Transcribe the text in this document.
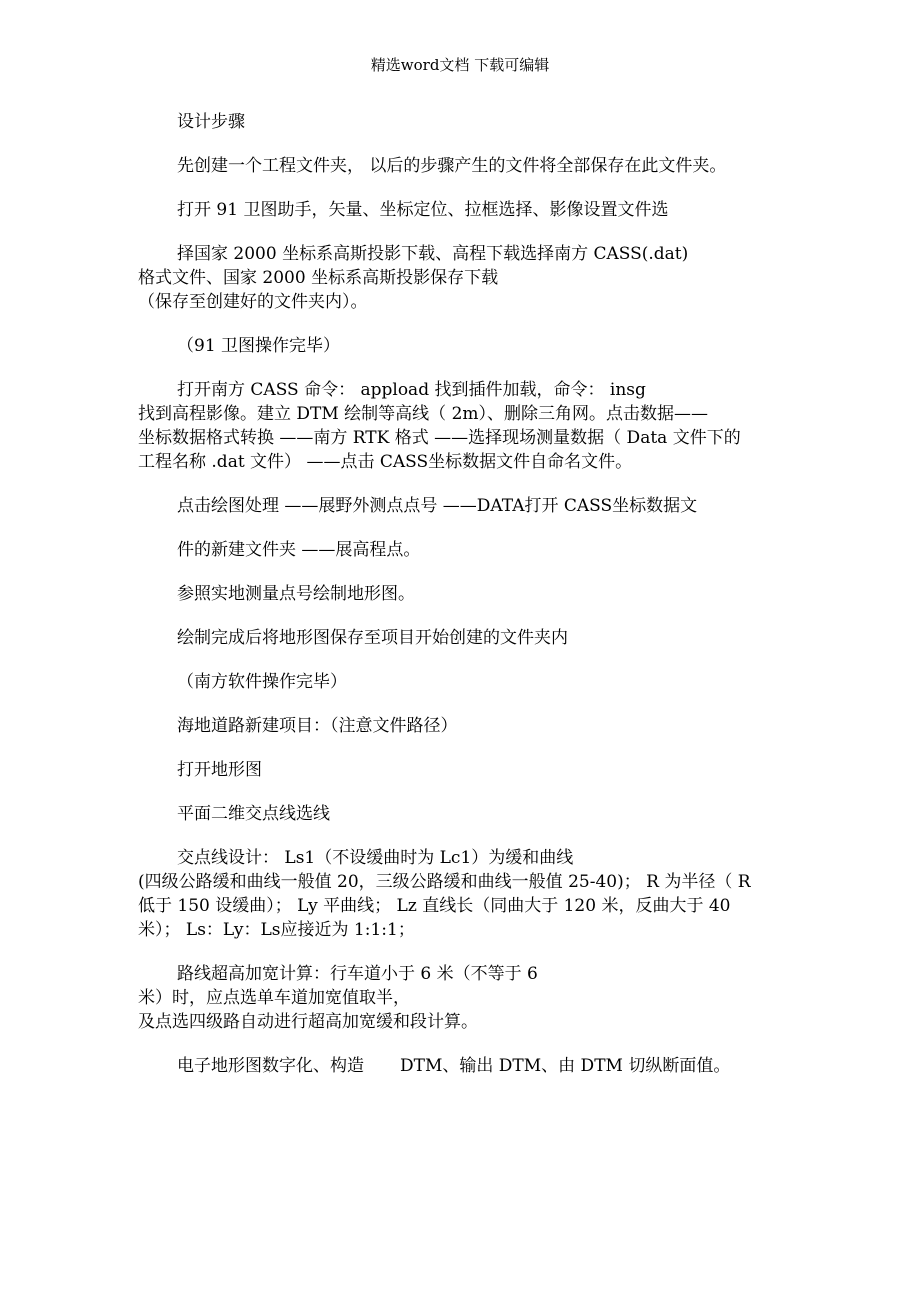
精选word文档 下载可编辑
设计步骤
先创建一个工程文件夹， 以后的步骤产生的文件将全部保存在此文件夹。
打开 91 卫图助手，矢量、坐标定位、拉框选择、影像设置文件选
择国家 2000 坐标系高斯投影下载、高程下载选择南方 CASS(.dat)
格式文件、国家 2000 坐标系高斯投影保存下载
（保存至创建好的文件夹内）。
（91 卫图操作完毕）
打开南方 CASS 命令： appload 找到插件加载，命令： insg
找到高程影像。建立 DTM 绘制等高线（ 2m）、删除三角网。点击数据——
坐标数据格式转换 ——南方 RTK 格式 ——选择现场测量数据（ Data 文件下的
工程名称 .dat 文件） ——点击 CASS坐标数据文件自命名文件。
点击绘图处理 ——展野外测点点号 ——DATA打开 CASS坐标数据文
件的新建文件夹 ——展高程点。
参照实地测量点号绘制地形图。
绘制完成后将地形图保存至项目开始创建的文件夹内
（南方软件操作完毕）
海地道路新建项目：（注意文件路径）
打开地形图
平面二维交点线选线
交点线设计： Ls1（不设缓曲时为 Lc1）为缓和曲线
(四级公路缓和曲线一般值 20，三级公路缓和曲线一般值 25-40)； R 为半径（ R
低于 150 设缓曲）； Ly 平曲线； Lz 直线长（同曲大于 120 米，反曲大于 40
米）； Ls：Ly：Ls应接近为 1:1:1；
路线超高加宽计算：行车道小于 6 米（不等于 6
米）时，应点选单车道加宽值取半，
及点选四级路自动进行超高加宽缓和段计算。
电子地形图数字化、构造 DTM、输出 DTM、由 DTM 切纵断面值。
